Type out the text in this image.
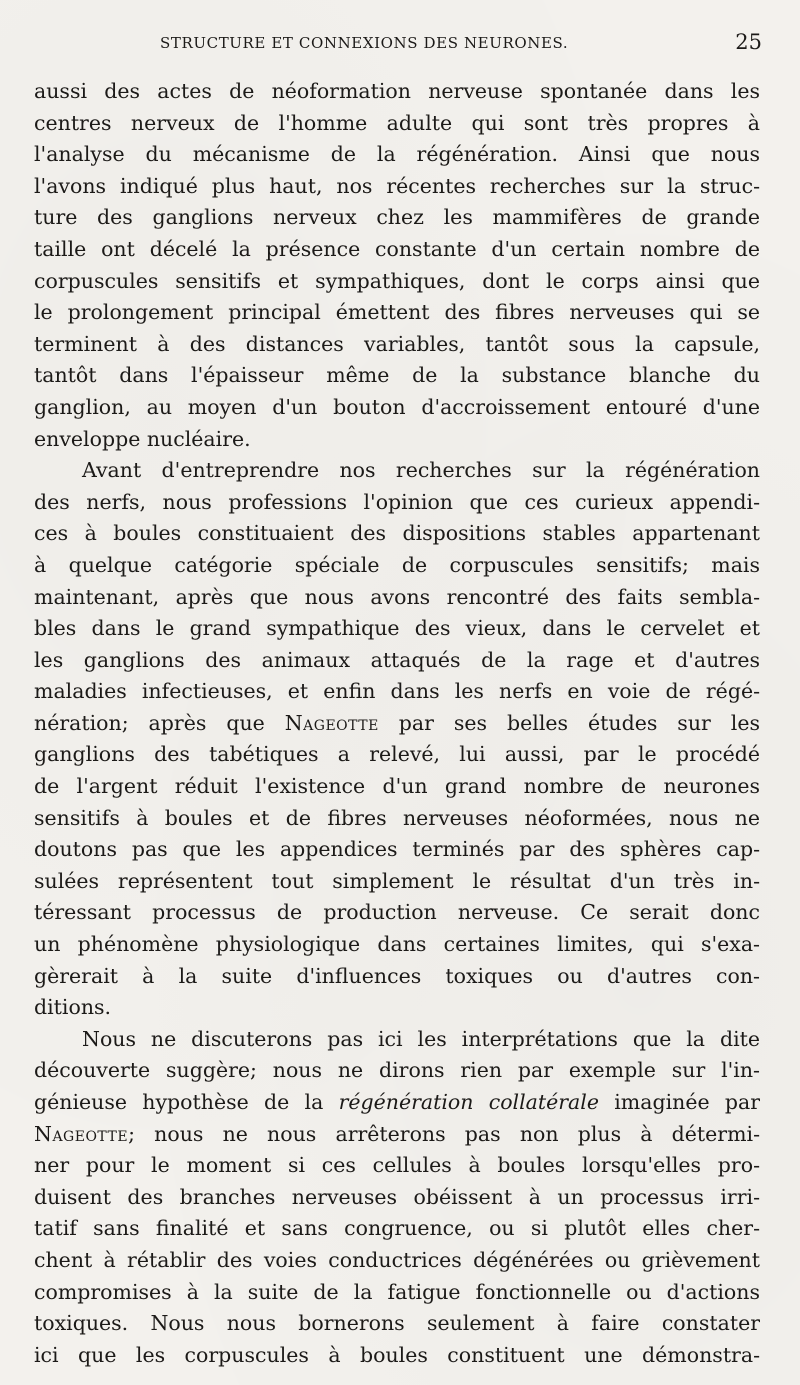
STRUCTURE ET CONNEXIONS DES NEURONES.	25
aussi des actes de néoformation nerveuse spontanée dans les
centres nerveux de l'homme adulte qui sont très propres à
l'analyse du mécanisme de la régénération. Ainsi que nous
l'avons indiqué plus haut, nos récentes recherches sur la struc-
ture des ganglions nerveux chez les mammifères de grande
taille ont décelé la présence constante d'un certain nombre de
corpuscules sensitifs et sympathiques, dont le corps ainsi que
le prolongement principal émettent des fibres nerveuses qui se
terminent à des distances variables, tantôt sous la capsule,
tantôt dans l'épaisseur même de la substance blanche du
ganglion, au moyen d'un bouton d'accroissement entouré d'une
enveloppe nucléaire.
Avant d'entreprendre nos recherches sur la régénération
des nerfs, nous professions l'opinion que ces curieux appendi-
ces à boules constituaient des dispositions stables appartenant
à quelque catégorie spéciale de corpuscules sensitifs; mais
maintenant, après que nous avons rencontré des faits sembla-
bles dans le grand sympathique des vieux, dans le cervelet et
les ganglions des animaux attaqués de la rage et d'autres
maladies infectieuses, et enfin dans les nerfs en voie de régé-
nération; après que Nageotte par ses belles études sur les
ganglions des tabétiques a relevé, lui aussi, par le procédé
de l'argent réduit l'existence d'un grand nombre de neurones
sensitifs à boules et de fibres nerveuses néoformées, nous ne
doutons pas que les appendices terminés par des sphères cap-
sulées représentent tout simplement le résultat d'un très in-
téressant processus de production nerveuse. Ce serait donc
un phénomène physiologique dans certaines limites, qui s'exa-
gèrerait à la suite d'influences toxiques ou d'autres con-
ditions.
Nous ne discuterons pas ici les interprétations que la dite
découverte suggère; nous ne dirons rien par exemple sur l'in-
génieuse hypothèse de la régénération collatérale imaginée par
Nageotte; nous ne nous arrêterons pas non plus à détermi-
ner pour le moment si ces cellules à boules lorsqu'elles pro-
duisent des branches nerveuses obéissent à un processus irri-
tatif sans finalité et sans congruence, ou si plutôt elles cher-
chent à rétablir des voies conductrices dégénérées ou grièvement
compromises à la suite de la fatigue fonctionnelle ou d'actions
toxiques. Nous nous bornerons seulement à faire constater
ici que les corpuscules à boules constituent une démonstra-
